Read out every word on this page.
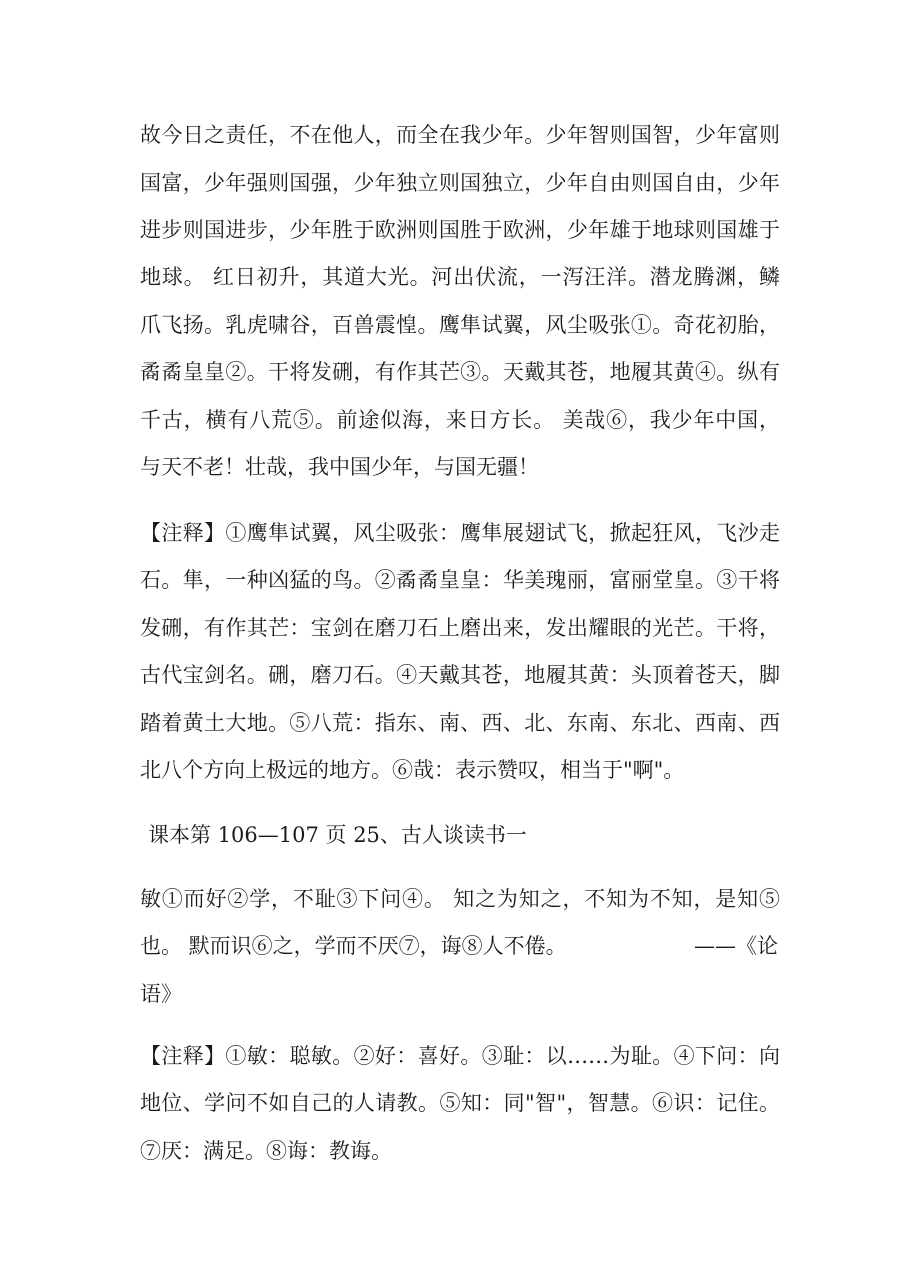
故今日之责任，不在他人，而全在我少年。少年智则国智，少年富则
国富，少年强则国强，少年独立则国独立，少年自由则国自由，少年
进步则国进步，少年胜于欧洲则国胜于欧洲，少年雄于地球则国雄于
地球。 红日初升，其道大光。河出伏流，一泻汪洋。潜龙腾渊，鳞
爪飞扬。乳虎啸谷，百兽震惶。鹰隼试翼，风尘吸张①。奇花初胎，
矞矞皇皇②。干将发硎，有作其芒③。天戴其苍，地履其黄④。纵有
千古，横有八荒⑤。前途似海，来日方长。 美哉⑥，我少年中国，
与天不老！壮哉，我中国少年，与国无疆！
【注释】①鹰隼试翼，风尘吸张：鹰隼展翅试飞，掀起狂风，飞沙走
石。隼，一种凶猛的鸟。②矞矞皇皇：华美瑰丽，富丽堂皇。③干将
发硎，有作其芒：宝剑在磨刀石上磨出来，发出耀眼的光芒。干将，
古代宝剑名。硎，磨刀石。④天戴其苍，地履其黄：头顶着苍天，脚
踏着黄土大地。⑤八荒：指东、南、西、北、东南、东北、西南、西
北八个方向上极远的地方。⑥哉：表示赞叹，相当于"啊"。
课本第 106—107 页 25、古人谈读书一
敏①而好②学，不耻③下问④。 知之为知之，不知为不知，是知⑤
也。 默而识⑥之，学而不厌⑦，诲⑧人不倦。	——《论
语》
【注释】①敏：聪敏。②好：喜好。③耻：以……为耻。④下问：向
地位、学问不如自己的人请教。⑤知：同"智"，智慧。⑥识：记住。
⑦厌：满足。⑧诲：教诲。
